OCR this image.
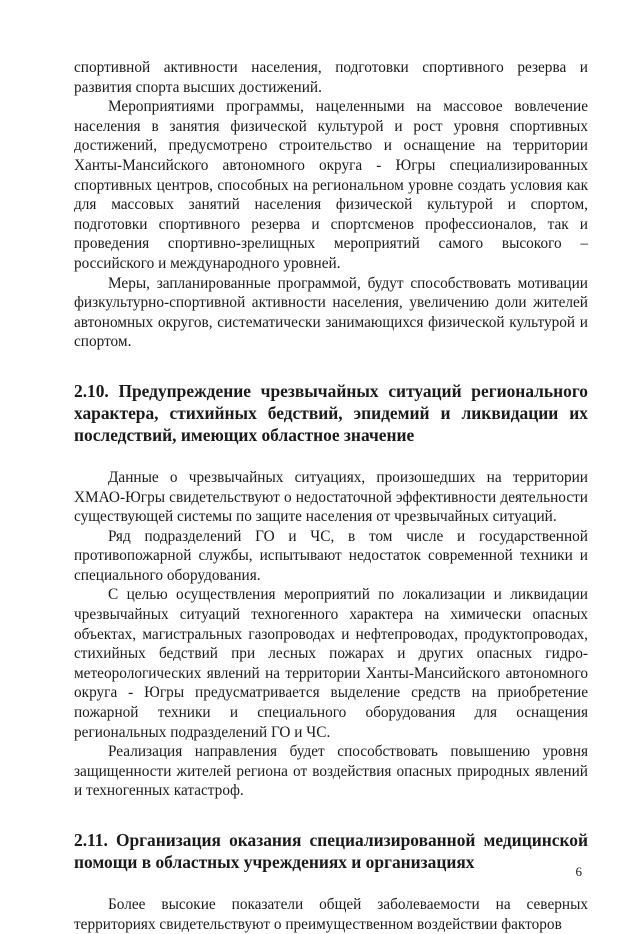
спортивной активности населения, подготовки спортивного резерва и развития спорта высших достижений.

Мероприятиями программы, нацеленными на массовое вовлечение населения в занятия физической культурой и рост уровня спортивных достижений, предусмотрено строительство и оснащение на территории Ханты-Мансийского автономного округа - Югры специализированных спортивных центров, способных на региональном уровне создать условия как для массовых занятий населения физической культурой и спортом, подготовки спортивного резерва и спортсменов профессионалов, так и проведения спортивно-зрелищных мероприятий самого высокого – российского и международного уровней.

Меры, запланированные программой, будут способствовать мотивации физкультурно-спортивной активности населения, увеличению доли жителей автономных округов, систематически занимающихся физической культурой и спортом.

2.10. Предупреждение чрезвычайных ситуаций регионального характера, стихийных бедствий, эпидемий и ликвидации их последствий, имеющих областное значение

Данные о чрезвычайных ситуациях, произошедших на территории ХМАО-Югры свидетельствуют о недостаточной эффективности деятельности существующей системы по защите населения от чрезвычайных ситуаций.

Ряд подразделений ГО и ЧС, в том числе и государственной противопожарной службы, испытывают недостаток современной техники и специального оборудования.

С целью осуществления мероприятий по локализации и ликвидации чрезвычайных ситуаций техногенного характера на химически опасных объектах, магистральных газопроводах и нефтепроводах, продуктопроводах, стихийных бедствий при лесных пожарах и других опасных гидро-метеорологических явлений на территории Ханты-Мансийского автономного округа - Югры предусматривается выделение средств на приобретение пожарной техники и специального оборудования для оснащения региональных подразделений ГО и ЧС.

Реализация направления будет способствовать повышению уровня защищенности жителей региона от воздействия опасных природных явлений и техногенных катастроф.

2.11. Организация оказания специализированной медицинской помощи в областных учреждениях и организациях

Более высокие показатели общей заболеваемости на северных территориях свидетельствуют о преимущественном воздействии факторов

6
